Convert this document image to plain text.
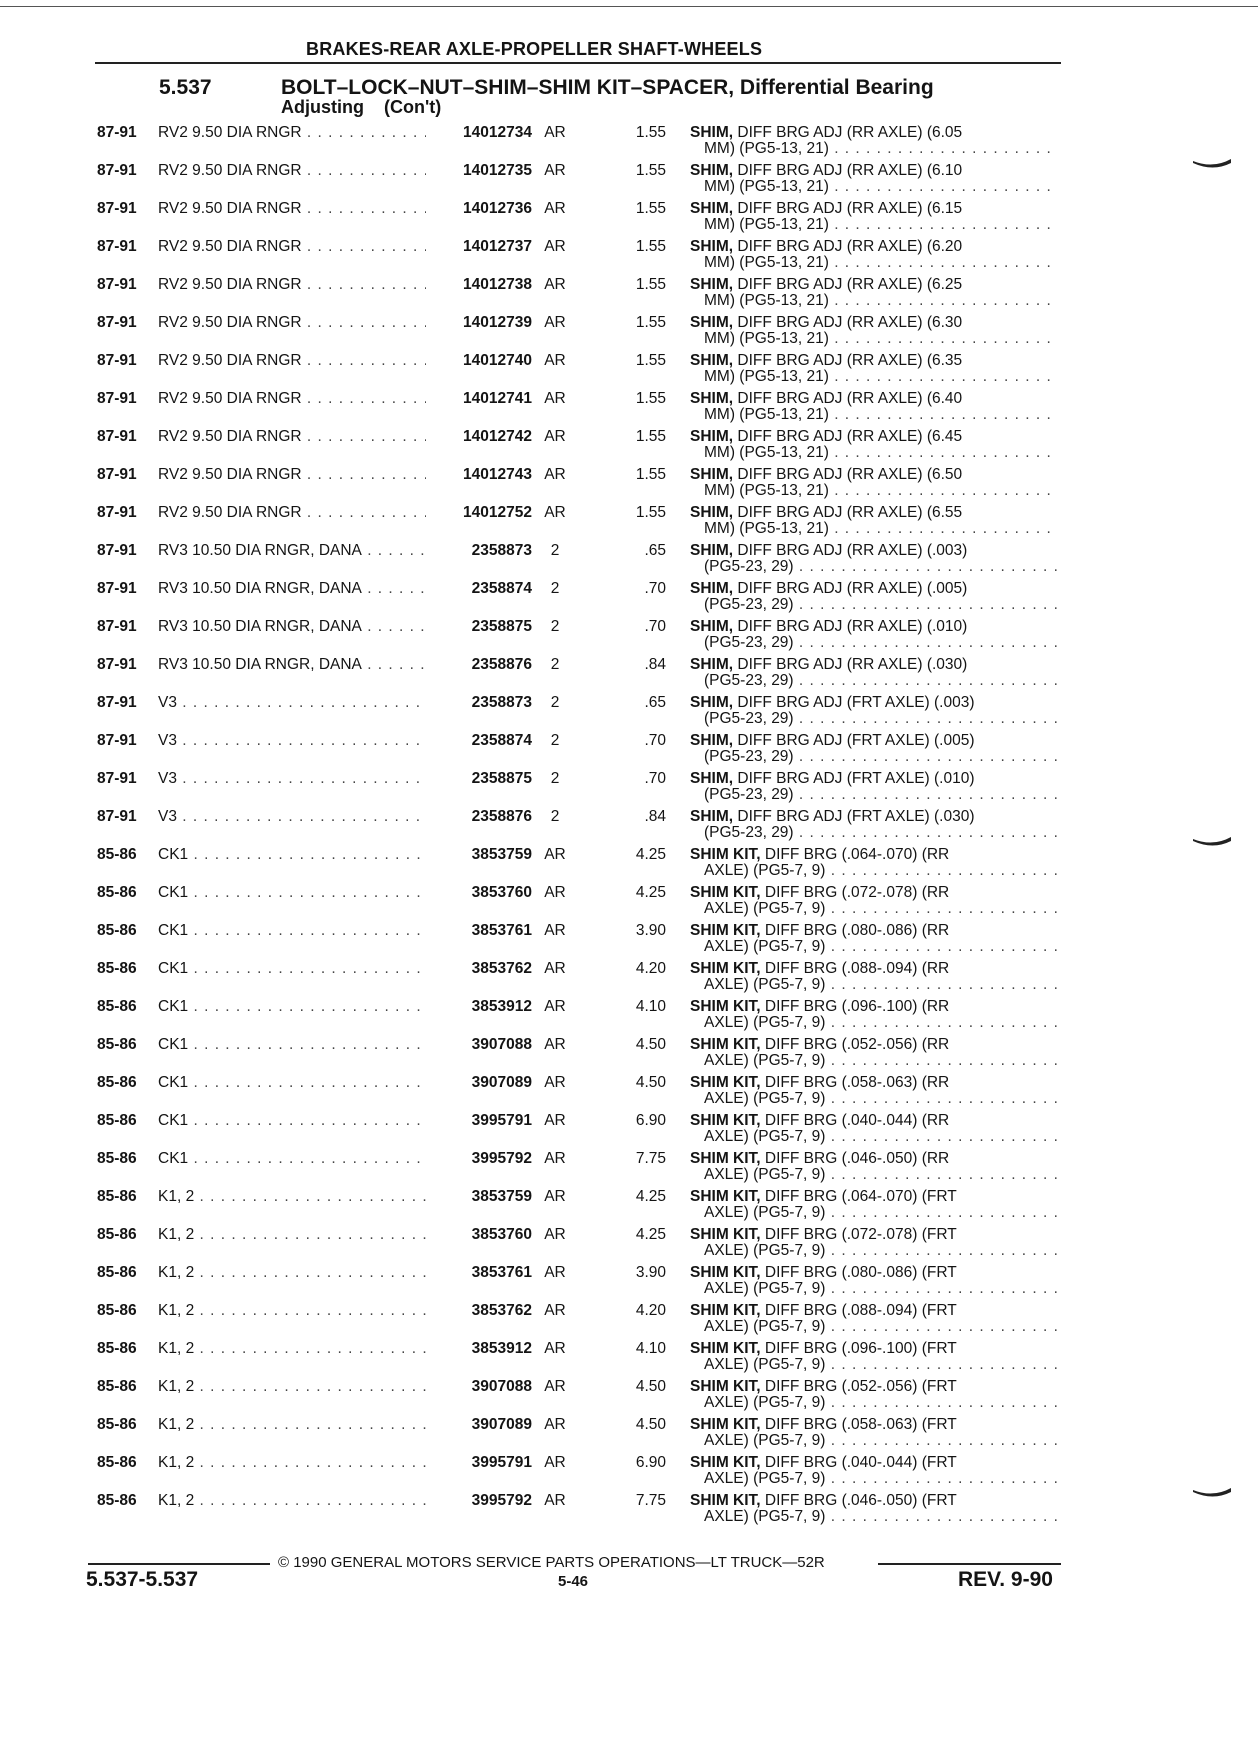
BRAKES-REAR AXLE-PROPELLER SHAFT-WHEELS
5.537	BOLT–LOCK–NUT–SHIM–SHIM KIT–SPACER, Differential Bearing
Adjusting    (Con't)
87-91 RV2 9.50 DIA RNGR . . .	14012734 AR	1.55 SHIM, DIFF BRG ADJ (RR AXLE) (6.05
MM) (PG5-13, 21) . . .
87-91 RV2 9.50 DIA RNGR . . .	14012735 AR	1.55 SHIM, DIFF BRG ADJ (RR AXLE) (6.10
MM) (PG5-13, 21) . . .
87-91 RV2 9.50 DIA RNGR . . .	14012736 AR	1.55 SHIM, DIFF BRG ADJ (RR AXLE) (6.15
MM) (PG5-13, 21) . . .
87-91 RV2 9.50 DIA RNGR . . .	14012737 AR	1.55 SHIM, DIFF BRG ADJ (RR AXLE) (6.20
MM) (PG5-13, 21) . . .
87-91 RV2 9.50 DIA RNGR . . .	14012738 AR	1.55 SHIM, DIFF BRG ADJ (RR AXLE) (6.25
MM) (PG5-13, 21) . . .
87-91 RV2 9.50 DIA RNGR . . .	14012739 AR	1.55 SHIM, DIFF BRG ADJ (RR AXLE) (6.30
MM) (PG5-13, 21) . . .
87-91 RV2 9.50 DIA RNGR . . .	14012740 AR	1.55 SHIM, DIFF BRG ADJ (RR AXLE) (6.35
MM) (PG5-13, 21) . . .
87-91 RV2 9.50 DIA RNGR . . .	14012741 AR	1.55 SHIM, DIFF BRG ADJ (RR AXLE) (6.40
MM) (PG5-13, 21) . . .
87-91 RV2 9.50 DIA RNGR . . .	14012742 AR	1.55 SHIM, DIFF BRG ADJ (RR AXLE) (6.45
MM) (PG5-13, 21) . . .
87-91 RV2 9.50 DIA RNGR . . .	14012743 AR	1.55 SHIM, DIFF BRG ADJ (RR AXLE) (6.50
MM) (PG5-13, 21) . . .
87-91 RV2 9.50 DIA RNGR . . .	14012752 AR	1.55 SHIM, DIFF BRG ADJ (RR AXLE) (6.55
MM) (PG5-13, 21) . . .
87-91 RV3 10.50 DIA RNGR, DANA . . .	2358873	2	.65 SHIM, DIFF BRG ADJ (RR AXLE) (.003)
(PG5-23, 29) . . .
87-91 RV3 10.50 DIA RNGR, DANA . . .	2358874	2	.70 SHIM, DIFF BRG ADJ (RR AXLE) (.005)
(PG5-23, 29) . . .
87-91 RV3 10.50 DIA RNGR, DANA . . .	2358875	2	.70 SHIM, DIFF BRG ADJ (RR AXLE) (.010)
(PG5-23, 29) . . .
87-91 RV3 10.50 DIA RNGR, DANA . . .	2358876	2	.84 SHIM, DIFF BRG ADJ (RR AXLE) (.030)
(PG5-23, 29) . . .
87-91 V3 . . .	2358873	2	.65 SHIM, DIFF BRG ADJ (FRT AXLE) (.003)
(PG5-23, 29) . . .
87-91 V3 . . .	2358874	2	.70 SHIM, DIFF BRG ADJ (FRT AXLE) (.005)
(PG5-23, 29) . . .
87-91 V3 . . .	2358875	2	.70 SHIM, DIFF BRG ADJ (FRT AXLE) (.010)
(PG5-23, 29) . . .
87-91 V3 . . .	2358876	2	.84 SHIM, DIFF BRG ADJ (FRT AXLE) (.030)
(PG5-23, 29) . . .
85-86 CK1 . . .	3853759 AR	4.25 SHIM KIT, DIFF BRG (.064-.070) (RR
AXLE) (PG5-7, 9) . . .
85-86 CK1 . . .	3853760 AR	4.25 SHIM KIT, DIFF BRG (.072-.078) (RR
AXLE) (PG5-7, 9) . . .
85-86 CK1 . . .	3853761 AR	3.90 SHIM KIT, DIFF BRG (.080-.086) (RR
AXLE) (PG5-7, 9) . . .
85-86 CK1 . . .	3853762 AR	4.20 SHIM KIT, DIFF BRG (.088-.094) (RR
AXLE) (PG5-7, 9) . . .
85-86 CK1 . . .	3853912 AR	4.10 SHIM KIT, DIFF BRG (.096-.100) (RR
AXLE) (PG5-7, 9) . . .
85-86 CK1 . . .	3907088 AR	4.50 SHIM KIT, DIFF BRG (.052-.056) (RR
AXLE) (PG5-7, 9) . . .
85-86 CK1 . . .	3907089 AR	4.50 SHIM KIT, DIFF BRG (.058-.063) (RR
AXLE) (PG5-7, 9) . . .
85-86 CK1 . . .	3995791 AR	6.90 SHIM KIT, DIFF BRG (.040-.044) (RR
AXLE) (PG5-7, 9) . . .
85-86 CK1 . . .	3995792 AR	7.75 SHIM KIT, DIFF BRG (.046-.050) (RR
AXLE) (PG5-7, 9) . . .
85-86 K1, 2 . . .	3853759 AR	4.25 SHIM KIT, DIFF BRG (.064-.070) (FRT
AXLE) (PG5-7, 9) . . .
85-86 K1, 2 . . .	3853760 AR	4.25 SHIM KIT, DIFF BRG (.072-.078) (FRT
AXLE) (PG5-7, 9) . . .
85-86 K1, 2 . . .	3853761 AR	3.90 SHIM KIT, DIFF BRG (.080-.086) (FRT
AXLE) (PG5-7, 9) . . .
85-86 K1, 2 . . .	3853762 AR	4.20 SHIM KIT, DIFF BRG (.088-.094) (FRT
AXLE) (PG5-7, 9) . . .
85-86 K1, 2 . . .	3853912 AR	4.10 SHIM KIT, DIFF BRG (.096-.100) (FRT
AXLE) (PG5-7, 9) . . .
85-86 K1, 2 . . .	3907088 AR	4.50 SHIM KIT, DIFF BRG (.052-.056) (FRT
AXLE) (PG5-7, 9) . . .
85-86 K1, 2 . . .	3907089 AR	4.50 SHIM KIT, DIFF BRG (.058-.063) (FRT
AXLE) (PG5-7, 9) . . .
85-86 K1, 2 . . .	3995791 AR	6.90 SHIM KIT, DIFF BRG (.040-.044) (FRT
AXLE) (PG5-7, 9) . . .
85-86 K1, 2 . . .	3995792 AR	7.75 SHIM KIT, DIFF BRG (.046-.050) (FRT
AXLE) (PG5-7, 9) . . .
© 1990 GENERAL MOTORS SERVICE PARTS OPERATIONS—LT TRUCK—52R
5.537-5.537	5-46	REV. 9-90
